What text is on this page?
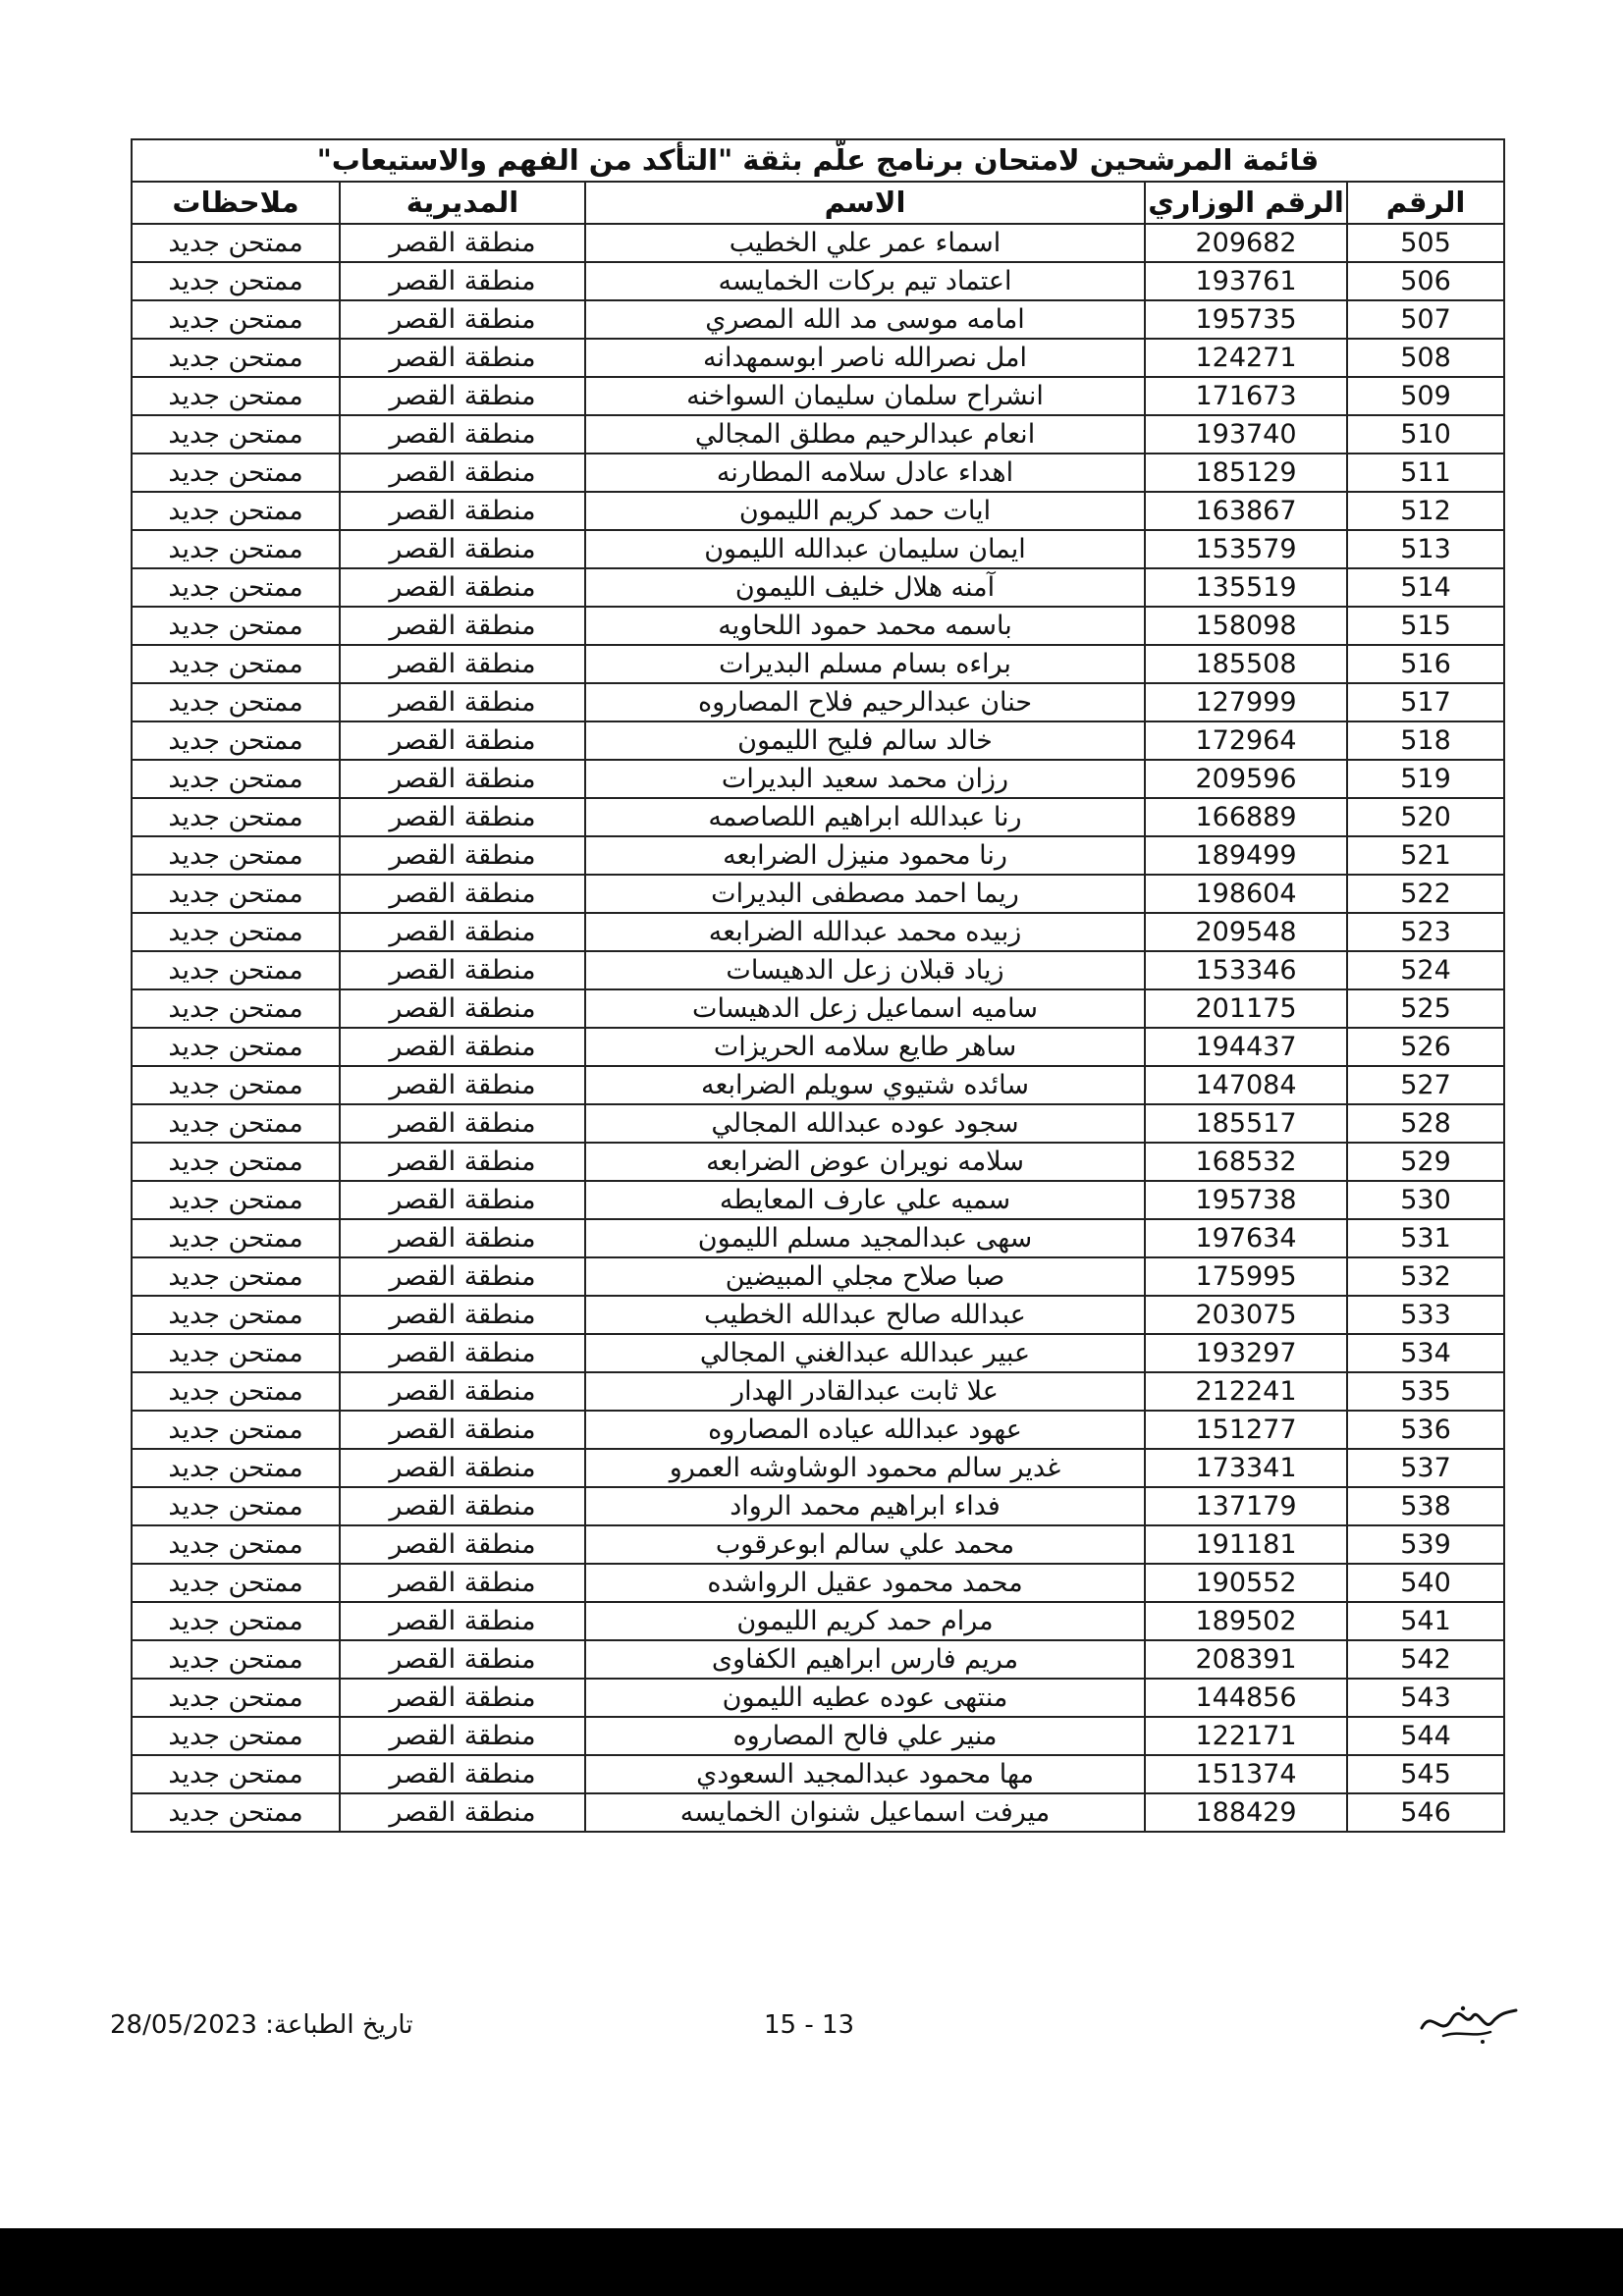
قائمة المرشحين لامتحان برنامج علّم بثقة "التأكد من الفهم والاستيعاب"				
الرقم	الرقم الوزاري	الاسم	المديرية	ملاحظات
505	209682	اسماء عمر علي الخطيب	منطقة القصر	ممتحن جديد
506	193761	اعتماد تيم بركات الخمايسه	منطقة القصر	ممتحن جديد
507	195735	امامه موسى مد الله المصري	منطقة القصر	ممتحن جديد
508	124271	امل نصرالله ناصر ابوسمهدانه	منطقة القصر	ممتحن جديد
509	171673	انشراح سلمان سليمان السواخنه	منطقة القصر	ممتحن جديد
510	193740	انعام عبدالرحيم مطلق المجالي	منطقة القصر	ممتحن جديد
511	185129	اهداء عادل سلامه المطارنه	منطقة القصر	ممتحن جديد
512	163867	ايات حمد كريم الليمون	منطقة القصر	ممتحن جديد
513	153579	ايمان سليمان عبدالله الليمون	منطقة القصر	ممتحن جديد
514	135519	آمنه هلال خليف الليمون	منطقة القصر	ممتحن جديد
515	158098	باسمه محمد حمود اللحاويه	منطقة القصر	ممتحن جديد
516	185508	براءه بسام مسلم البديرات	منطقة القصر	ممتحن جديد
517	127999	حنان عبدالرحيم فلاح المصاروه	منطقة القصر	ممتحن جديد
518	172964	خالد سالم فليح الليمون	منطقة القصر	ممتحن جديد
519	209596	رزان محمد سعيد البديرات	منطقة القصر	ممتحن جديد
520	166889	رنا عبدالله ابراهيم اللصاصمه	منطقة القصر	ممتحن جديد
521	189499	رنا محمود منيزل الضرابعه	منطقة القصر	ممتحن جديد
522	198604	ريما احمد مصطفى البديرات	منطقة القصر	ممتحن جديد
523	209548	زبيده محمد عبدالله الضرابعه	منطقة القصر	ممتحن جديد
524	153346	زياد قبلان زعل الدهيسات	منطقة القصر	ممتحن جديد
525	201175	ساميه اسماعيل زعل الدهيسات	منطقة القصر	ممتحن جديد
526	194437	ساهر طايع سلامه الحريزات	منطقة القصر	ممتحن جديد
527	147084	سائده شتيوي سويلم الضرابعه	منطقة القصر	ممتحن جديد
528	185517	سجود عوده عبدالله المجالي	منطقة القصر	ممتحن جديد
529	168532	سلامه نويران عوض الضرابعه	منطقة القصر	ممتحن جديد
530	195738	سميه علي عارف المعايطه	منطقة القصر	ممتحن جديد
531	197634	سهى عبدالمجيد مسلم الليمون	منطقة القصر	ممتحن جديد
532	175995	صبا صلاح مجلي المبيضين	منطقة القصر	ممتحن جديد
533	203075	عبدالله صالح عبدالله الخطيب	منطقة القصر	ممتحن جديد
534	193297	عبير عبدالله عبدالغني المجالي	منطقة القصر	ممتحن جديد
535	212241	علا ثابت عبدالقادر الهدار	منطقة القصر	ممتحن جديد
536	151277	عهود عبدالله عياده المصاروه	منطقة القصر	ممتحن جديد
537	173341	غدير سالم محمود الوشاوشه العمرو	منطقة القصر	ممتحن جديد
538	137179	فداء ابراهيم محمد الرواد	منطقة القصر	ممتحن جديد
539	191181	محمد علي سالم ابوعرقوب	منطقة القصر	ممتحن جديد
540	190552	محمد محمود عقيل الرواشده	منطقة القصر	ممتحن جديد
541	189502	مرام حمد كريم الليمون	منطقة القصر	ممتحن جديد
542	208391	مريم فارس ابراهيم الكفاوى	منطقة القصر	ممتحن جديد
543	144856	منتهى عوده عطيه الليمون	منطقة القصر	ممتحن جديد
544	122171	منير علي فالح المصاروه	منطقة القصر	ممتحن جديد
545	151374	مها محمود عبدالمجيد السعودي	منطقة القصر	ممتحن جديد
546	188429	ميرفت اسماعيل شنوان الخمايسه	منطقة القصر	ممتحن جديد
تاريخ الطباعة: 28/05/2023	15 - 13
